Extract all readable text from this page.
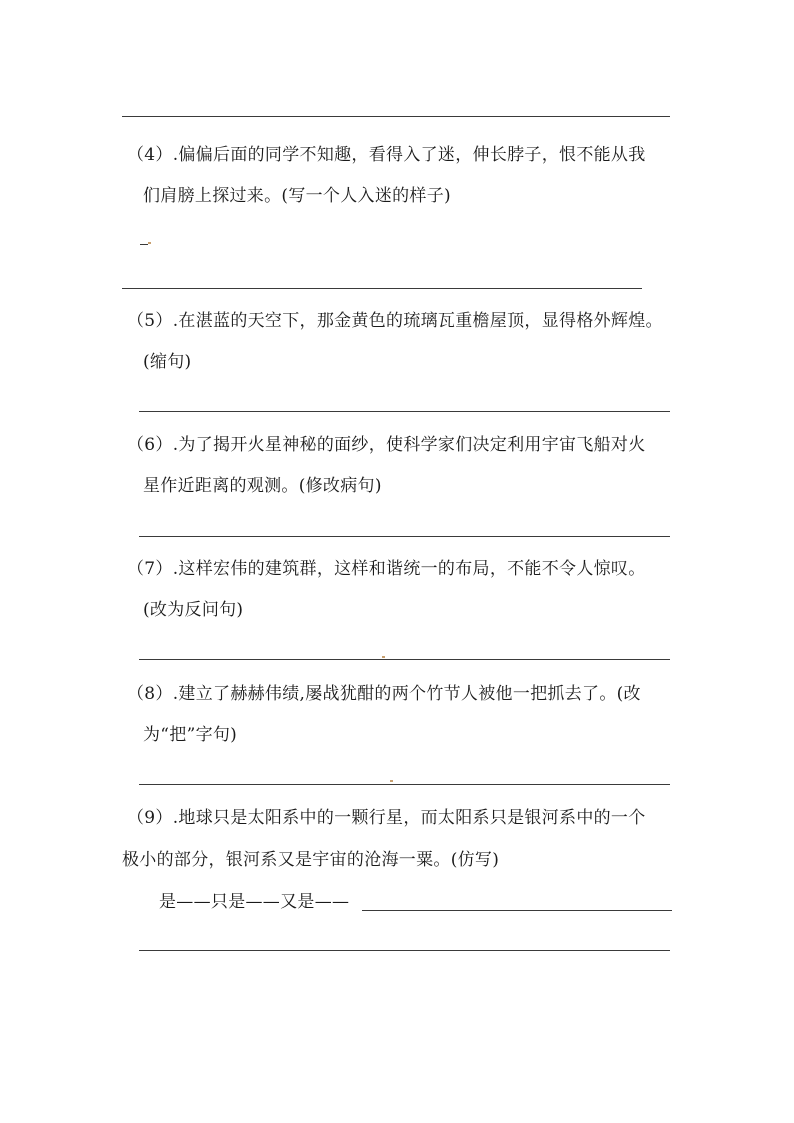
（4）.偏偏后面的同学不知趣，看得入了迷，伸长脖子，恨不能从我
们肩膀上探过来。(写一个人入迷的样子)
（5）.在湛蓝的天空下，那金黄色的琉璃瓦重檐屋顶，显得格外辉煌。
(缩句)
（6）.为了揭开火星神秘的面纱，使科学家们决定利用宇宙飞船对火
星作近距离的观测。(修改病句)
（7）.这样宏伟的建筑群，这样和谐统一的布局，不能不令人惊叹。
(改为反问句)
（8）.建立了赫赫伟绩,屡战犹酣的两个竹节人被他一把抓去了。(改
为“把”字句)
（9）.地球只是太阳系中的一颗行星，而太阳系只是银河系中的一个
极小的部分，银河系又是宇宙的沧海一粟。(仿写)
是——只是——又是——
